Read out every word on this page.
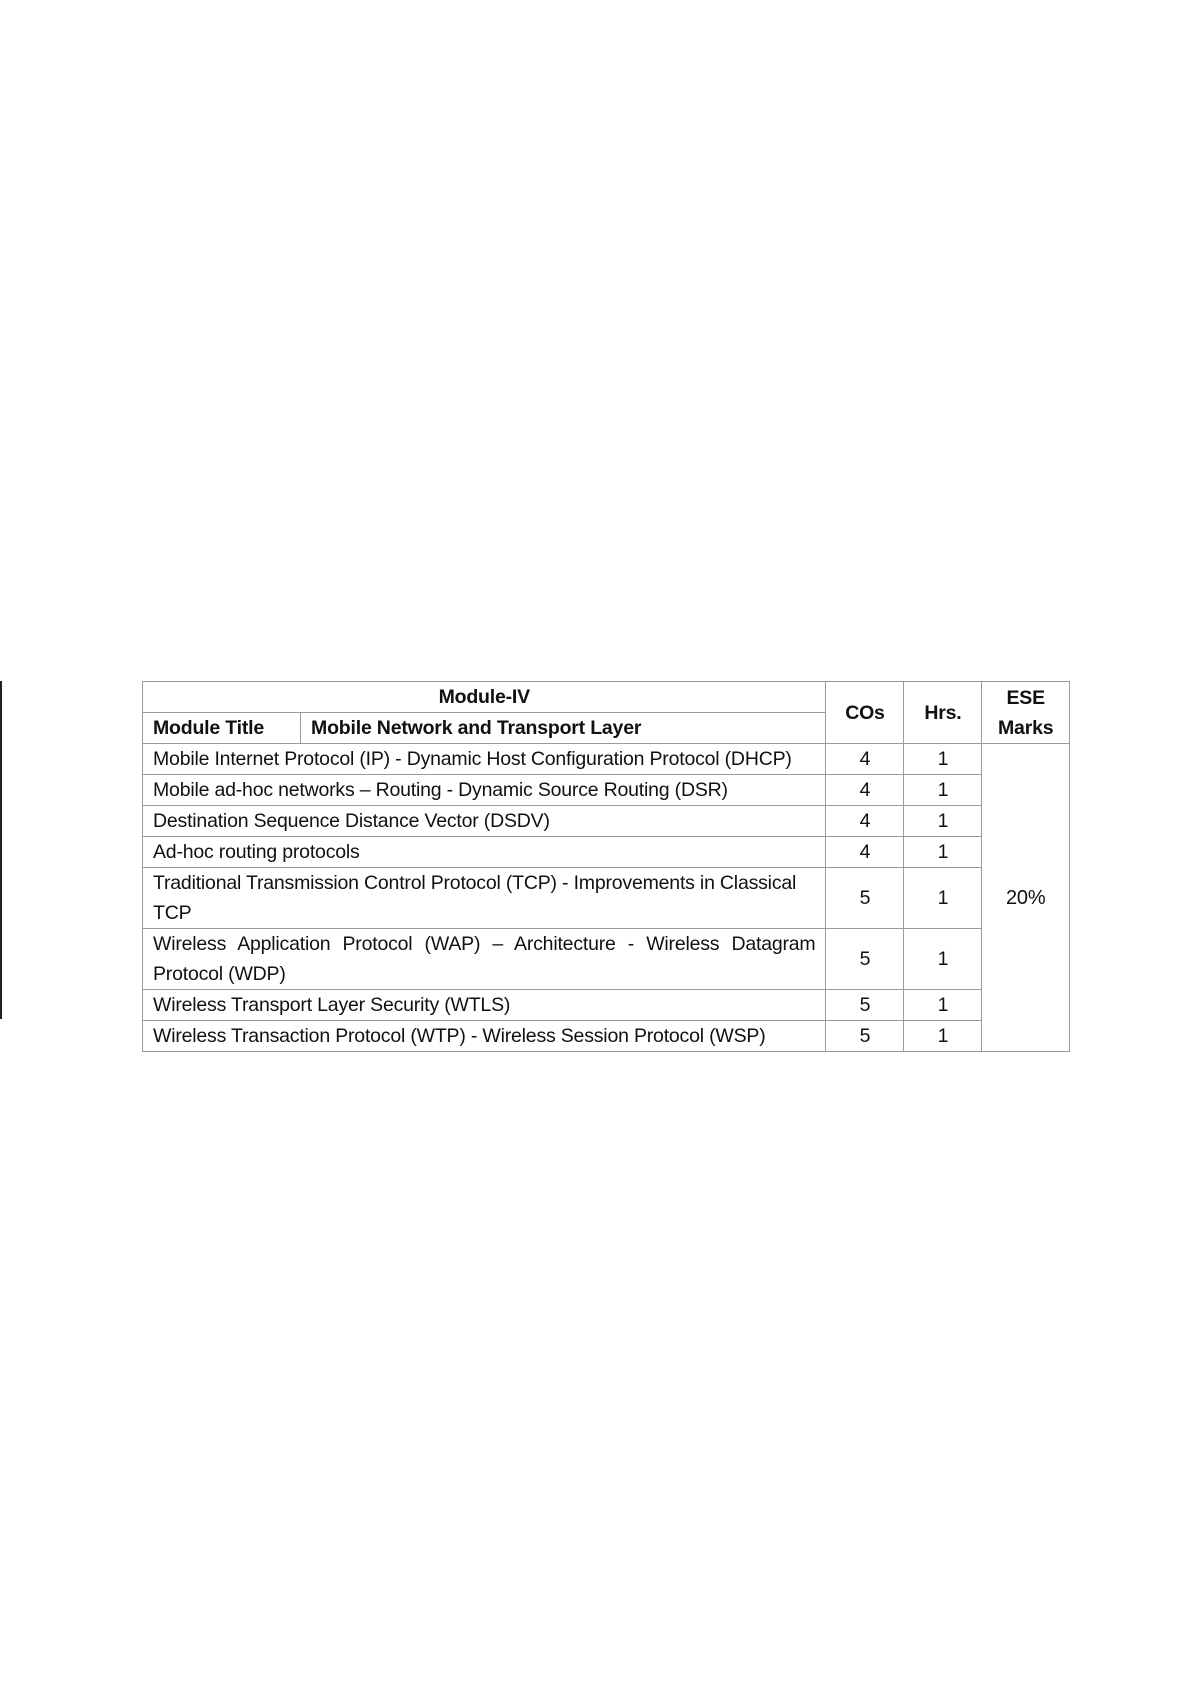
Module-IV		COs	Hrs.	ESE
Marks
Module Title	Mobile Network and Transport Layer			
Mobile Internet Protocol (IP) - Dynamic Host Configuration Protocol (DHCP)		4	1	20%
Mobile ad-hoc networks – Routing - Dynamic Source Routing (DSR)		4	1	
Destination Sequence Distance Vector (DSDV)		4	1	
Ad-hoc routing protocols		4	1	
Traditional Transmission Control Protocol (TCP) - Improvements in Classical TCP		5	1	
Wireless Application Protocol (WAP) – Architecture - Wireless Datagram Protocol (WDP)		5	1	
Wireless Transport Layer Security (WTLS)		5	1	
Wireless Transaction Protocol (WTP) - Wireless Session Protocol (WSP)		5	1	
